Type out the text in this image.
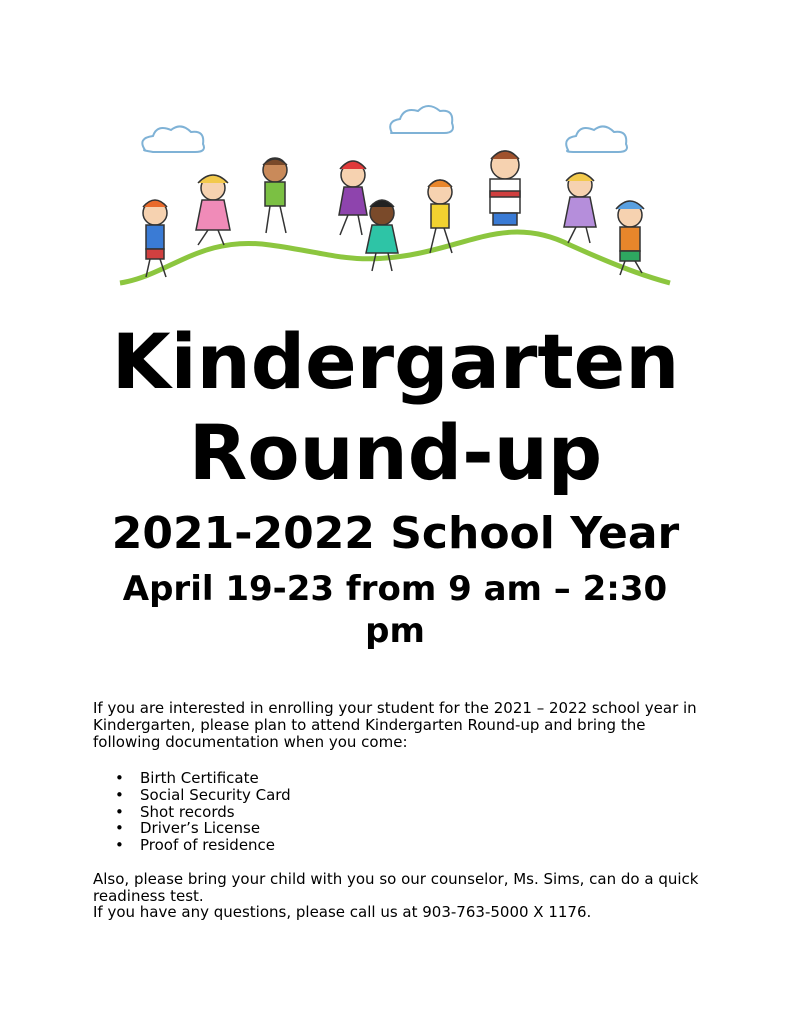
Kindergarten
Round-up
2021-2022 School Year
April 19-23 from 9 am – 2:30 pm
If you are interested in enrolling your student for the 2021 – 2022 school year in Kindergarten, please plan to attend Kindergarten Round-up and bring the following documentation when you come:
• Birth Certificate
• Social Security Card
• Shot records
• Driver’s License
• Proof of residence
Also, please bring your child with you so our counselor, Ms. Sims, can do a quick readiness test.
If you have any questions, please call us at 903-763-5000 X 1176.
